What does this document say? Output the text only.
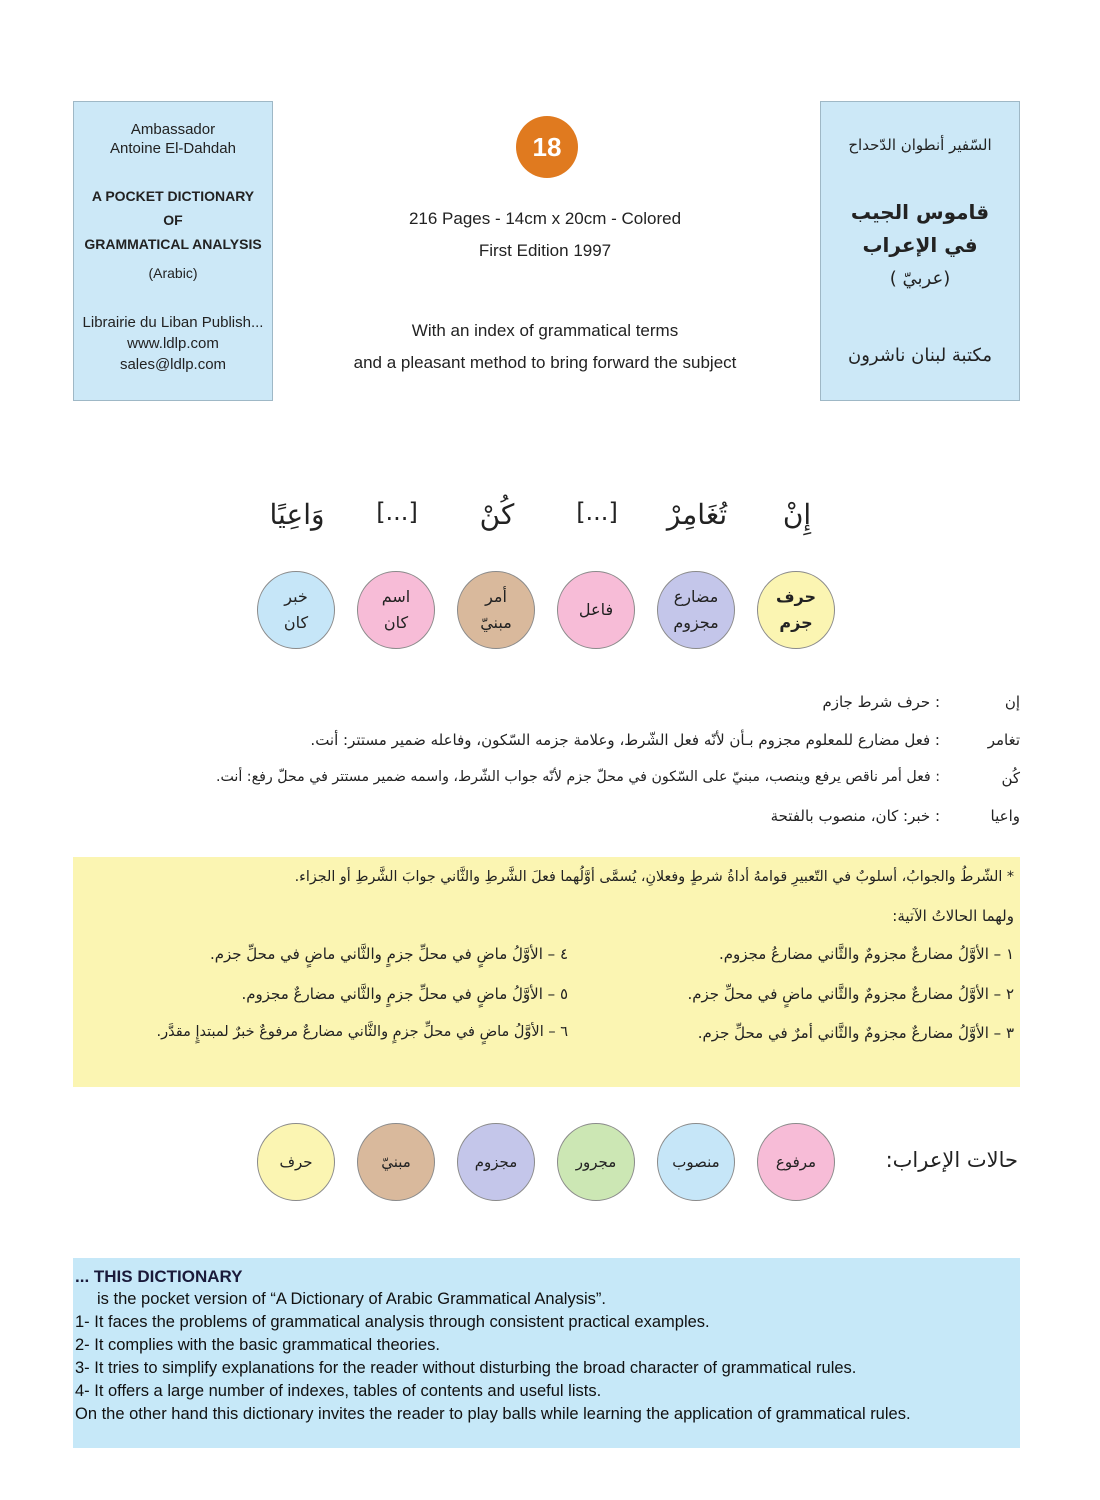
Ambassador
Antoine El-Dahdah
A POCKET DICTIONARY
OF
GRAMMATICAL ANALYSIS
(Arabic)
Librairie du Liban Publish...
www.ldlp.com
sales@ldlp.com
18
216 Pages - 14cm x 20cm - Colored
First Edition 1997
With an index of grammatical terms
and a pleasant method to bring forward the subject
السّفير أنطوان الدّحداح
قاموس الجيب
في الإعراب
(عربيّ )
مكتبة لبنان ناشرون
إِنْ
تُغَامِرْ
[...]
كُنْ
[...]
وَاعِيًا
حرف
جزم
مضارع
مجزوم
فاعل
أمر
مبنيّ
اسم
كان
خبر
كان
إن
: حرف شرط جازم
تغامر
: فعل مضارع للمعلوم مجزوم بـأن لأنّه فعل الشّرط، وعلامة جزمه السّكون، وفاعله ضمير مستتر: أنت.
كُن
: فعل أمر ناقص يرفع وينصب، مبنيّ على السّكون في محلّ جزم لأنّه جواب الشّرط، واسمه ضمير مستتر في محلّ رفع: أنت.
واعيا
: خبر: كان، منصوب بالفتحة
* الشّرطُ والجوابُ، أسلوبٌ في التّعبيرِ قوامهُ أداةُ شرطٍ وفعلانِ، يُسمَّى أوَّلُهما فعلَ الشَّرطِ والثَّاني جوابَ الشَّرطِ أو الجزاء.
ولهما الحالاتُ الآتية:
١ – الأوَّلُ مضارعٌ مجزومٌ والثَّاني مضارعُ مجزوم.
٢ – الأوَّلُ مضارعٌ مجزومٌ والثَّاني ماضٍ في محلِّ جزم.
٣ – الأوَّلُ مضارعٌ مجزومٌ والثَّاني أمرٌ في محلِّ جزم.
٤ – الأوَّلُ ماضٍ في محلِّ جزمٍ والثَّاني ماضٍ في محلِّ جزم.
٥ – الأوَّلُ ماضٍ في محلِّ جزمٍ والثَّاني مضارعٌ مجزوم.
٦ – الأوَّلُ ماضٍ في محلِّ جزمٍ والثَّاني مضارعٌ مرفوعٌ خبرٌ لمبتدإٍ مقدَّر.
حالات الإعراب:
مرفوع
منصوب
مجرور
مجزوم
مبنيّ
حرف
... THIS DICTIONARY
is the pocket version of “A Dictionary of Arabic Grammatical Analysis”.
1- It faces the problems of grammatical analysis through consistent practical examples.
2- It complies with the basic grammatical theories.
3- It tries to simplify explanations for the reader without disturbing the broad character of grammatical rules.
4- It offers a large number of indexes, tables of contents and useful lists.
On the other hand this dictionary invites the reader to play balls while learning the application of grammatical rules.
